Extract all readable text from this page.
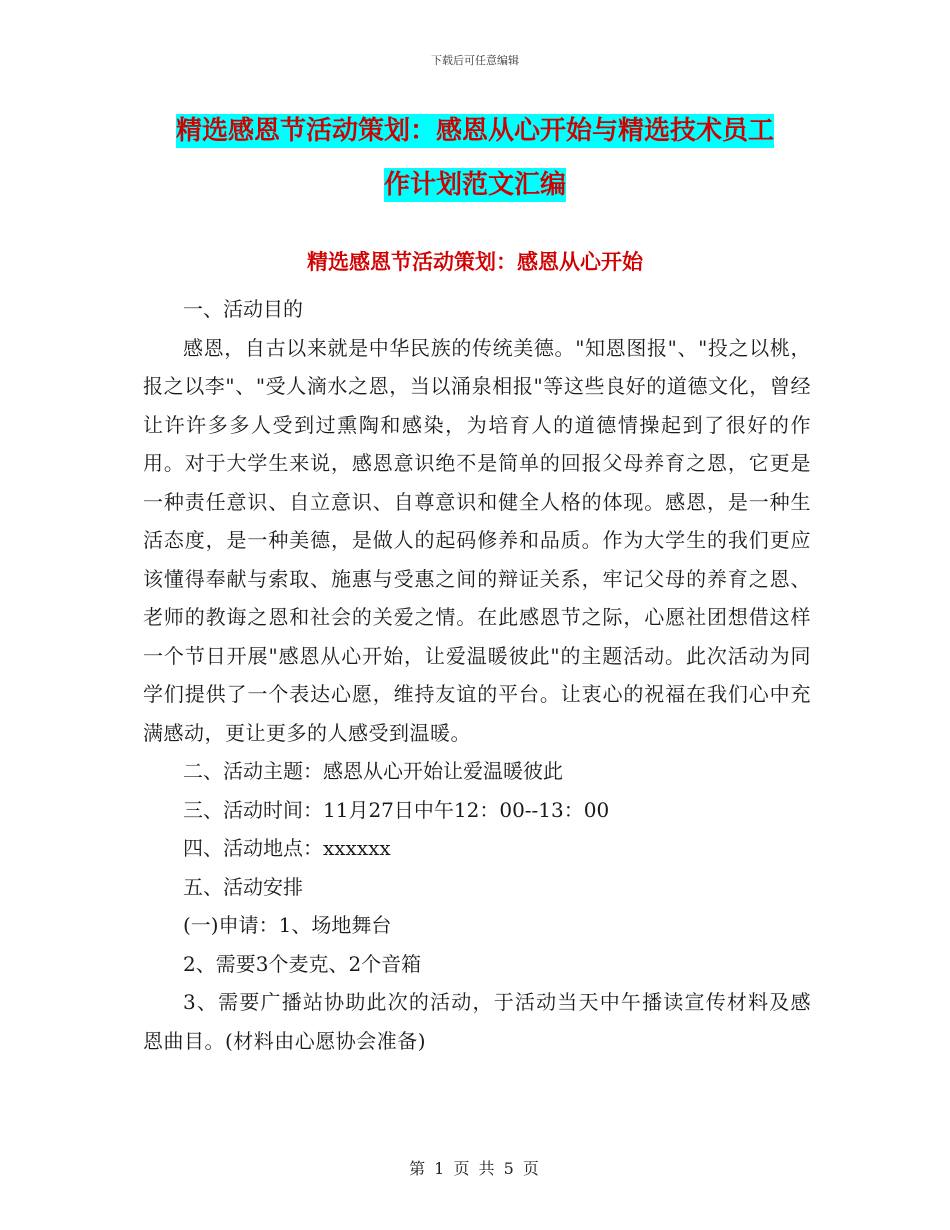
下载后可任意编辑
精选感恩节活动策划：感恩从心开始与精选技术员工
作计划范文汇编
精选感恩节活动策划：感恩从心开始
一、活动目的
感恩，自古以来就是中华民族的传统美德。"知恩图报"、"投之以桃，报之以李"、"受人滴水之恩，当以涌泉相报"等这些良好的道德文化，曾经让许许多多人受到过熏陶和感染，为培育人的道德情操起到了很好的作用。对于大学生来说，感恩意识绝不是简单的回报父母养育之恩，它更是一种责任意识、自立意识、自尊意识和健全人格的体现。感恩，是一种生活态度，是一种美德，是做人的起码修养和品质。作为大学生的我们更应该懂得奉献与索取、施惠与受惠之间的辩证关系，牢记父母的养育之恩、老师的教诲之恩和社会的关爱之情。在此感恩节之际，心愿社团想借这样一个节日开展"感恩从心开始，让爱温暖彼此"的主题活动。此次活动为同学们提供了一个表达心愿，维持友谊的平台。让衷心的祝福在我们心中充满感动，更让更多的人感受到温暖。
二、活动主题：感恩从心开始让爱温暖彼此
三、活动时间：11月27日中午12：00--13：00
四、活动地点：xxxxxx
五、活动安排
(一)申请：1、场地舞台
2、需要3个麦克、2个音箱
3、需要广播站协助此次的活动，于活动当天中午播读宣传材料及感恩曲目。(材料由心愿协会准备)
第 1 页 共 5 页
